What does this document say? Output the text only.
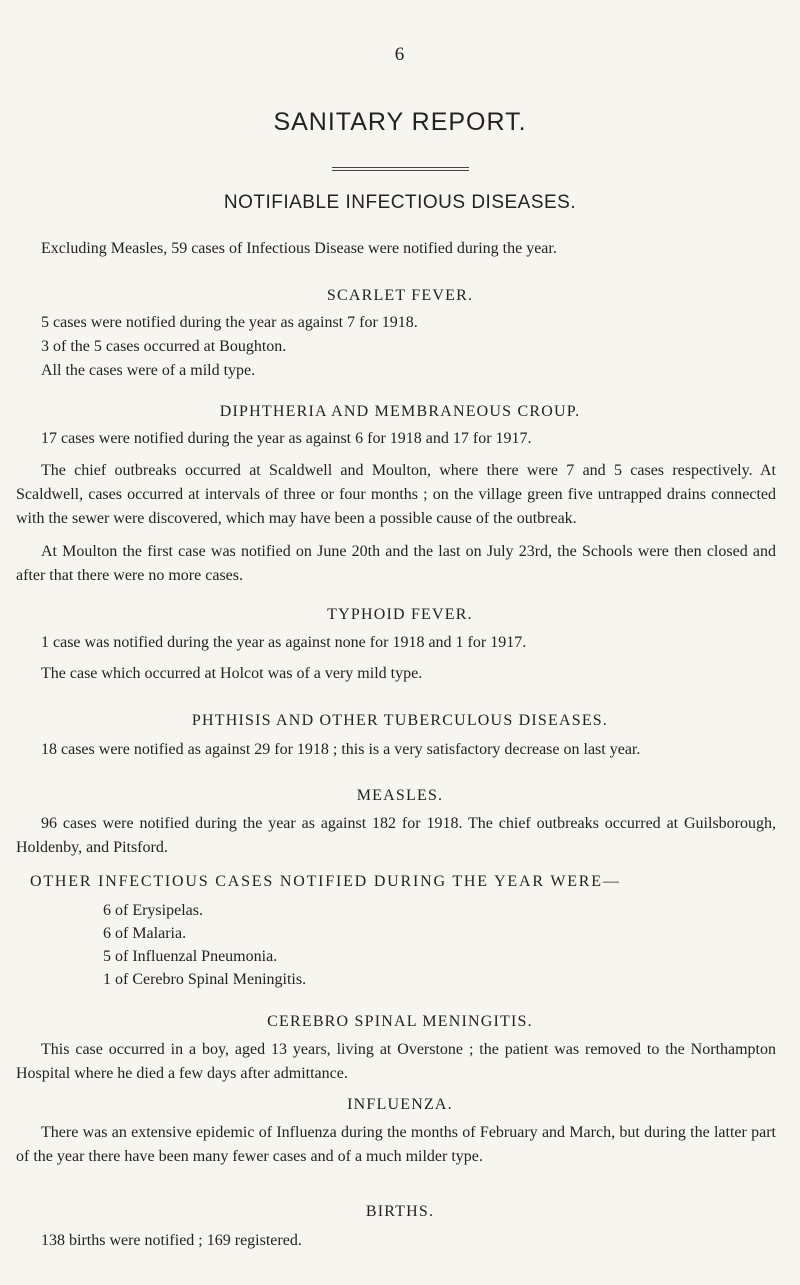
6
SANITARY REPORT.
NOTIFIABLE INFECTIOUS DISEASES.

Excluding Measles, 59 cases of Infectious Disease were notified during the year.

SCARLET FEVER.

5 cases were notified during the year as against 7 for 1918.

3 of the 5 cases occurred at Boughton.

All the cases were of a mild type.

DIPHTHERIA AND MEMBRANEOUS CROUP.

17 cases were notified during the year as against 6 for 1918 and 17 for 1917.

The chief outbreaks occurred at Scaldwell and Moulton, where there were 7 and 5 cases respectively. At Scaldwell, cases occurred at intervals of three or four months ; on the village green five untrapped drains connected with the sewer were discovered, which may have been a possible cause of the outbreak.

At Moulton the first case was notified on June 20th and the last on July 23rd, the Schools were then closed and after that there were no more cases.

TYPHOID FEVER.

1 case was notified during the year as against none for 1918 and 1 for 1917.

The case which occurred at Holcot was of a very mild type.

PHTHISIS AND OTHER TUBERCULOUS DISEASES.

18 cases were notified as against 29 for 1918 ; this is a very satisfactory decrease on last year.

MEASLES.

96 cases were notified during the year as against 182 for 1918. The chief outbreaks occurred at Guilsborough, Holdenby, and Pitsford.

OTHER INFECTIOUS CASES NOTIFIED DURING THE YEAR WERE—
6 of Erysipelas.
6 of Malaria.
5 of Influenzal Pneumonia.
1 of Cerebro Spinal Meningitis.
CEREBRO SPINAL MENINGITIS.

This case occurred in a boy, aged 13 years, living at Overstone ; the patient was removed to the Northampton Hospital where he died a few days after admittance.

INFLUENZA.

There was an extensive epidemic of Influenza during the months of February and March, but during the latter part of the year there have been many fewer cases and of a much milder type.

BIRTHS.

138 births were notified ; 169 registered.
